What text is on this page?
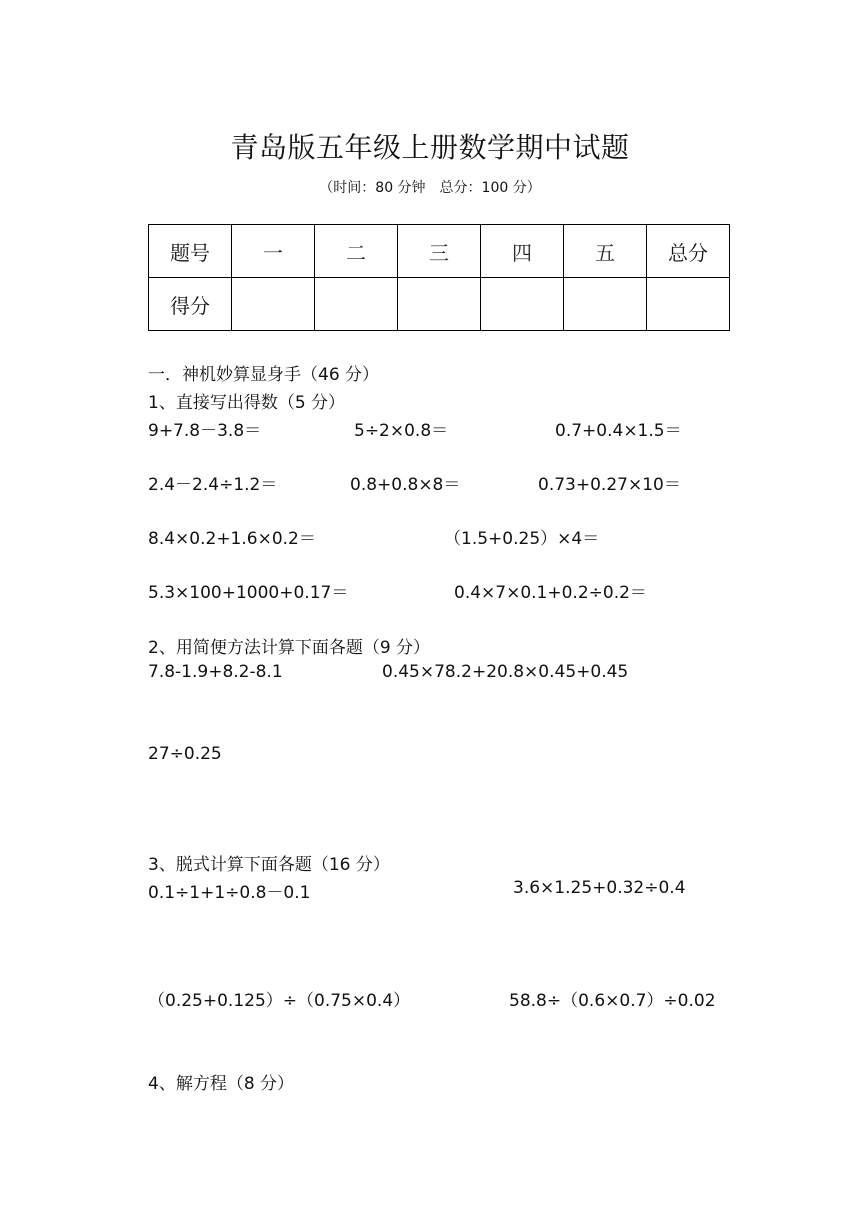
青岛版五年级上册数学期中试题
（时间：80 分钟　总分：100 分）
题号	一	二	三	四	五	总分
得分						
一．神机妙算显身手（46 分）
1、直接写出得数（5 分）
9+7.8－3.8＝	5÷2×0.8＝	0.7+0.4×1.5＝
2.4－2.4÷1.2＝	0.8+0.8×8＝	0.73+0.27×10＝
8.4×0.2+1.6×0.2＝	（1.5+0.25）×4＝
5.3×100+1000+0.17＝	0.4×7×0.1+0.2÷0.2＝
2、用简便方法计算下面各题（9 分）
7.8-1.9+8.2-8.1	0.45×78.2+20.8×0.45+0.45
27÷0.25
3、脱式计算下面各题（16 分）
0.1÷1+1÷0.8－0.1	3.6×1.25+0.32÷0.4
（0.25+0.125）÷（0.75×0.4）	58.8÷（0.6×0.7）÷0.02
4、解方程（8 分）
